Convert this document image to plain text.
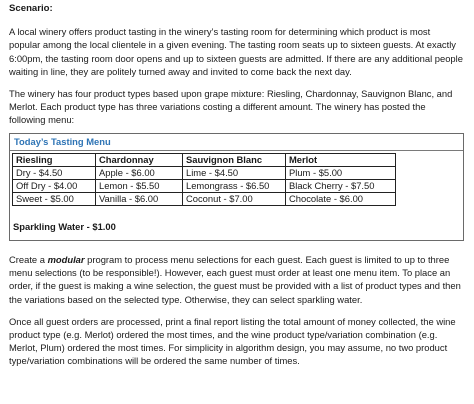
Scenario:

A local winery offers product tasting in the winery’s tasting room for determining which product is most popular among the local clientele in a given evening. The tasting room seats up to sixteen guests. At exactly 6:00pm, the tasting room door opens and up to sixteen guests are admitted. If there are any additional people waiting in line, they are politely turned away and invited to come back the next day.

The winery has four product types based upon grape mixture: Riesling, Chardonnay, Sauvignon Blanc, and Merlot. Each product type has three variations costing a different amount. The winery has posted the following menu:

Today’s Tasting Menu
Riesling	Chardonnay	Sauvignon Blanc	Merlot
Dry - $4.50	Apple - $6.00	Lime - $4.50	Plum - $5.00
Off Dry - $4.00	Lemon - $5.50	Lemongrass - $6.50	Black Cherry - $7.50
Sweet - $5.00	Vanilla - $6.00	Coconut - $7.00	Chocolate - $6.00
Sparkling Water - $1.00

Create a modular program to process menu selections for each guest. Each guest is limited to up to three menu selections (to be responsible!). However, each guest must order at least one menu item. To place an order, if the guest is making a wine selection, the guest must be provided with a list of product types and then the variations based on the selected type. Otherwise, they can select sparkling water.

Once all guest orders are processed, print a final report listing the total amount of money collected, the wine product type (e.g. Merlot) ordered the most times, and the wine product type/variation combination (e.g. Merlot, Plum) ordered the most times. For simplicity in algorithm design, you may assume, no two product type/variation combinations will be ordered the same number of times.
